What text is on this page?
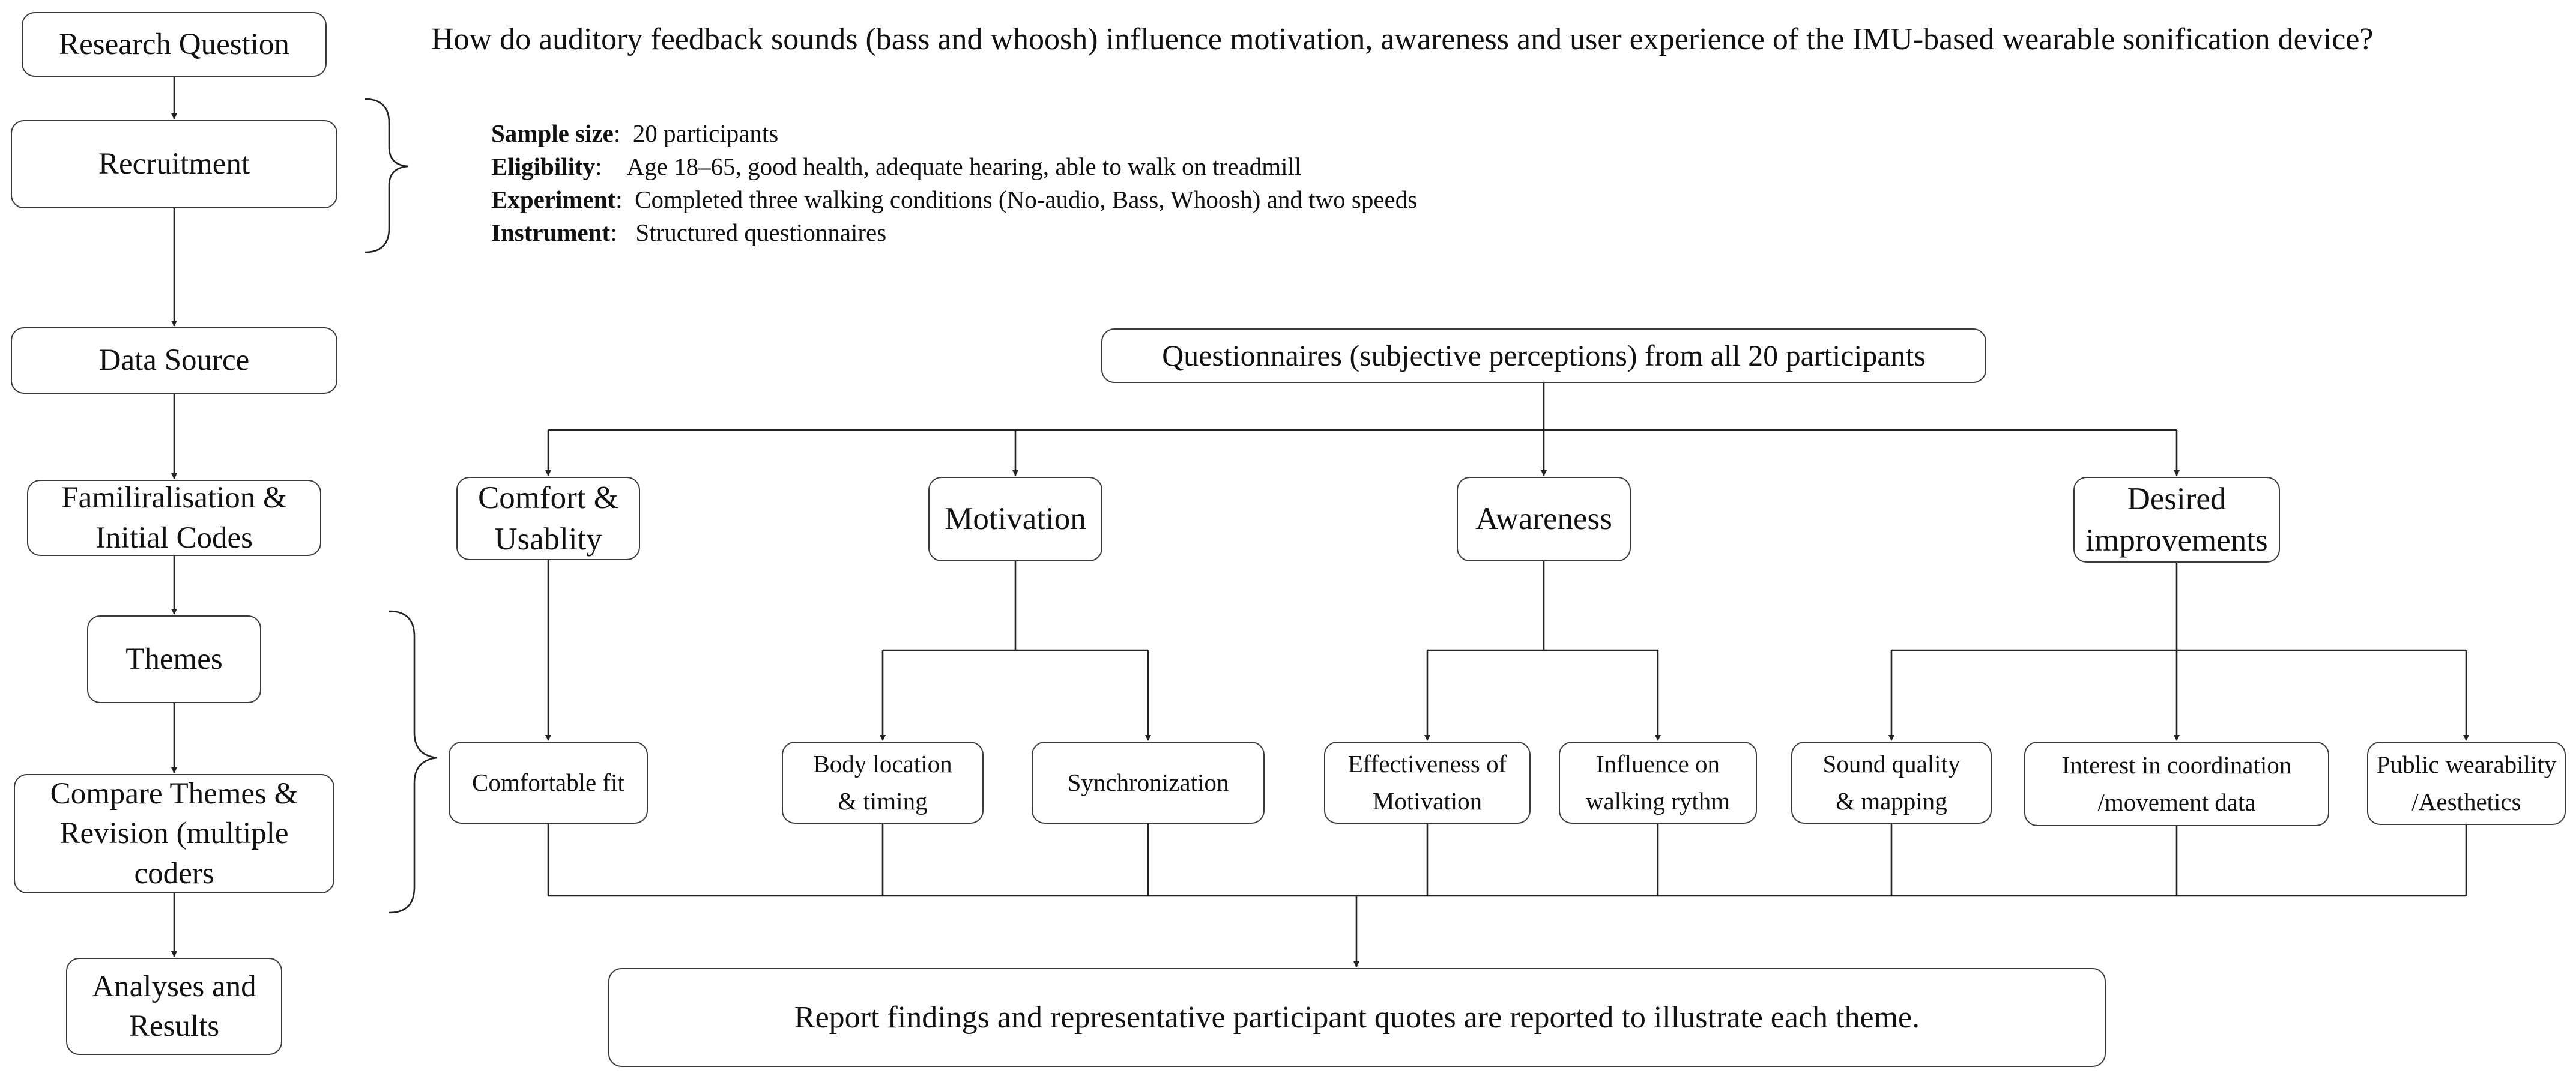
Research Question
Recruitment
Data Source
Familiralisation & Initial Codes
Themes
Compare Themes & Revision (multiple coders
Analyses and Results
How do auditory feedback sounds (bass and whoosh) influence motivation, awareness and user experience of the IMU-based wearable sonification device?
Sample size:  20 participants
Eligibility:    Age 18–65, good health, adequate hearing, able to walk on treadmill
Experiment:  Completed three walking conditions (No-audio, Bass, Whoosh) and two speeds
Instrument:   Structured questionnaires
Questionnaires (subjective perceptions) from all 20 participants
Comfort & Usablity
Motivation	Awareness
Desired improvements
Comfortable fit
Body location & timing
Synchronization
Effectiveness of Motivation
Influence on walking rythm
Sound quality & mapping
Interest in coordination /movement data
Public wearability /Aesthetics
Report findings and representative participant quotes are reported to illustrate each theme.
